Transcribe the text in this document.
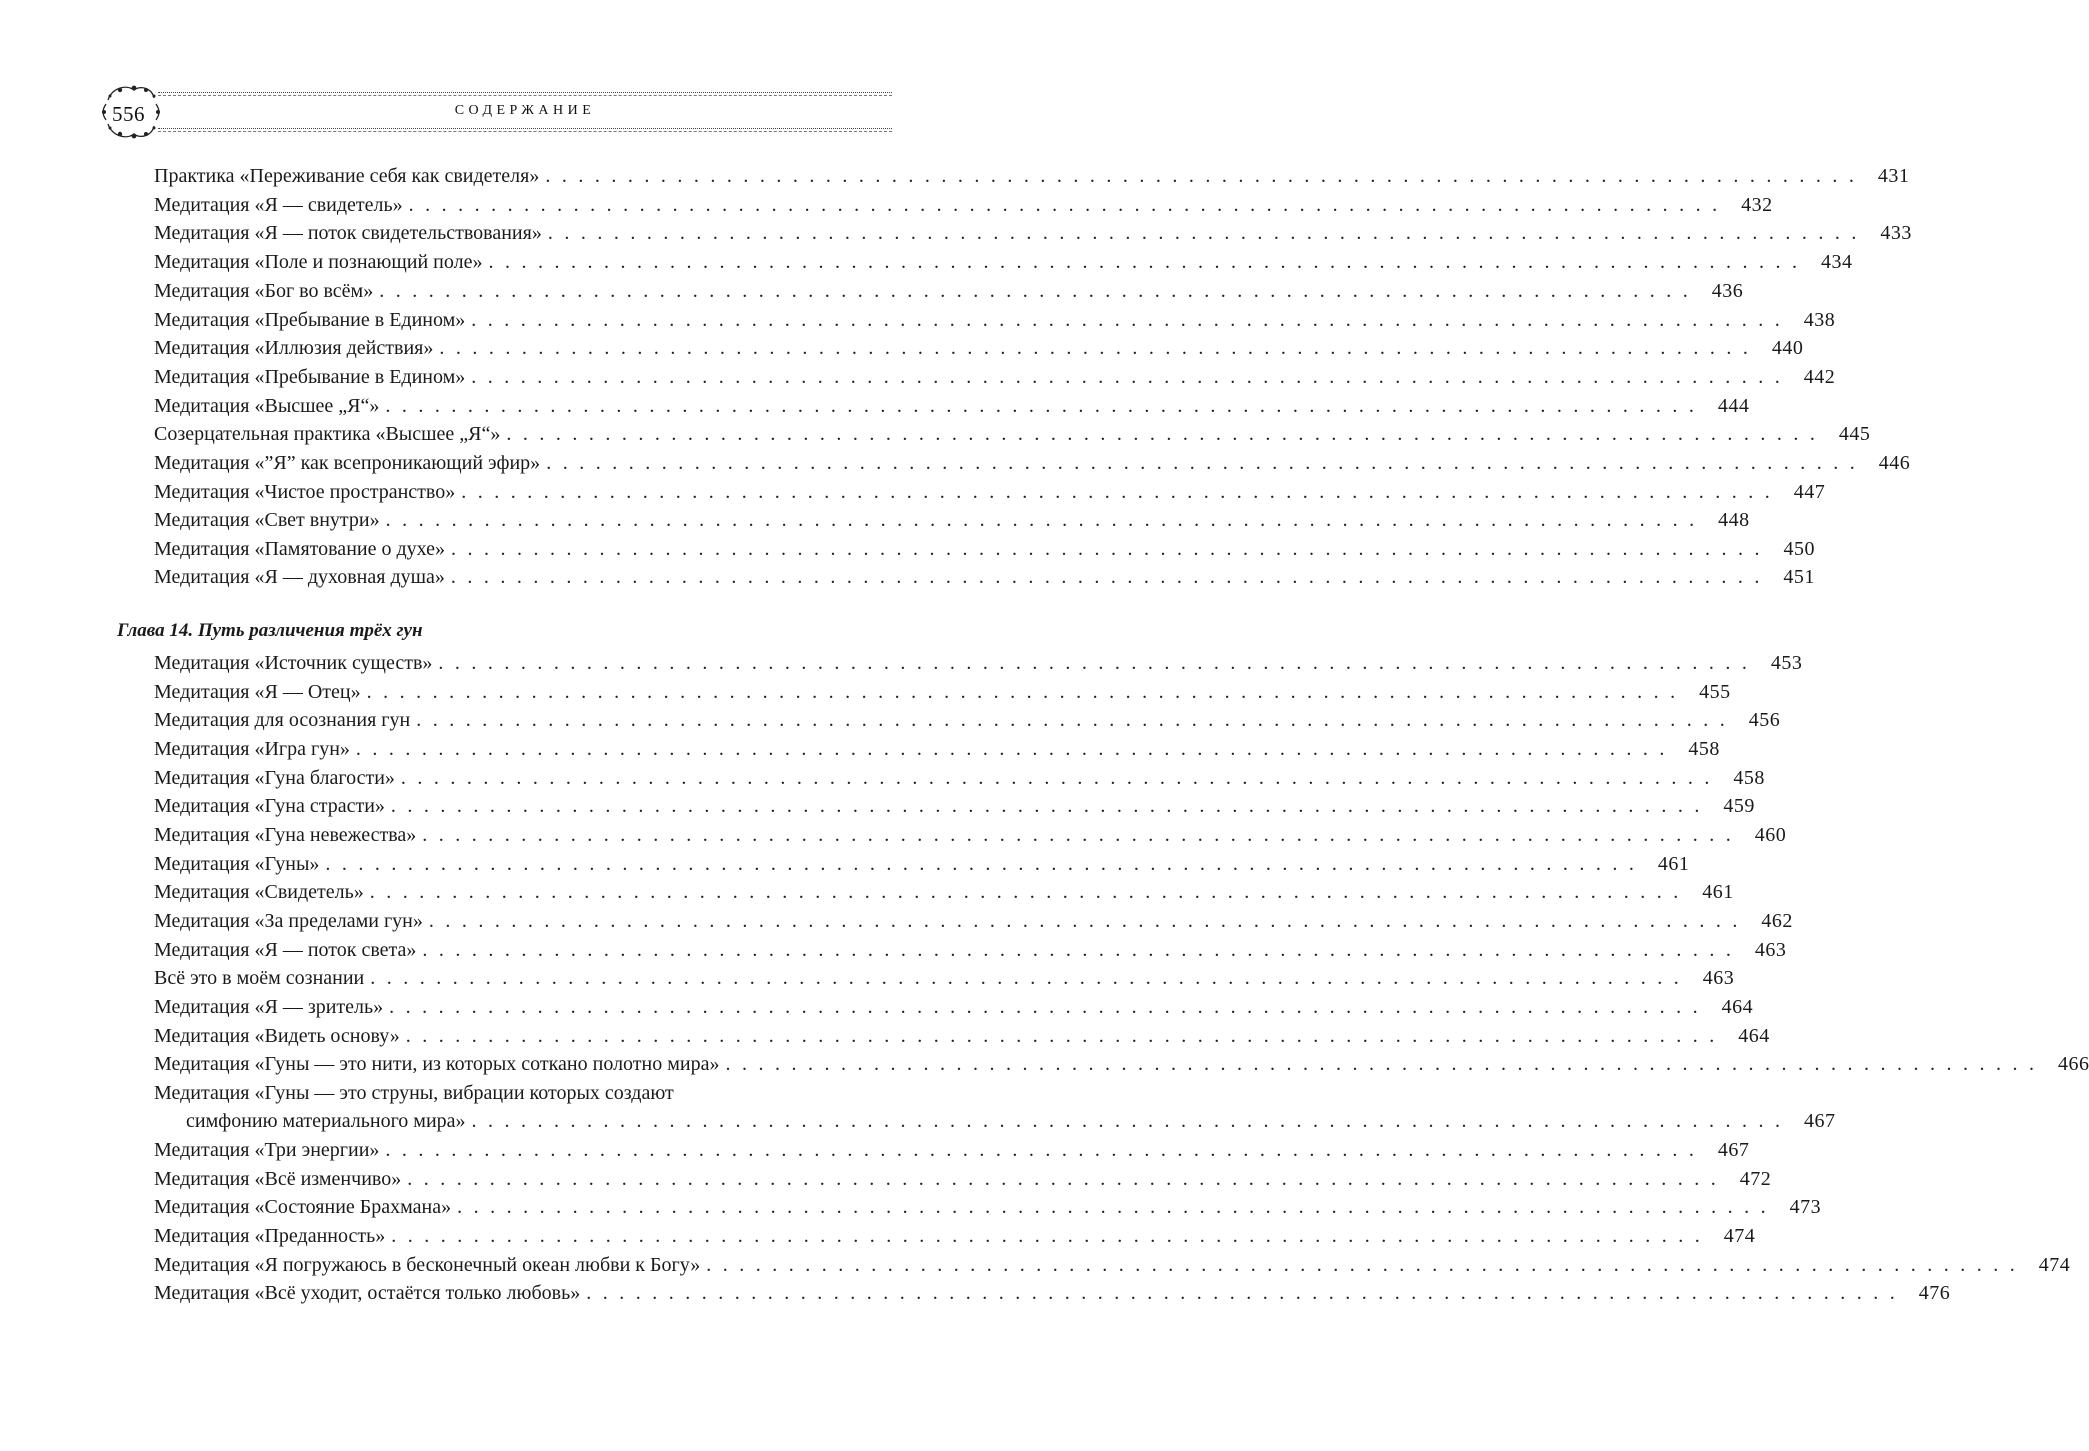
556	СОДЕРЖАНИЕ
Практика «Переживание себя как свидетеля» ................................................................................ 431
Медитация «Я — свидетель» ................................................................................ 432
Медитация «Я — поток свидетельствования» ................................................................................ 433
Медитация «Поле и познающий поле» ................................................................................ 434
Медитация «Бог во всём» ................................................................................ 436
Медитация «Пребывание в Едином» ................................................................................ 438
Медитация «Иллюзия действия» ................................................................................ 440
Медитация «Пребывание в Едином» ................................................................................ 442
Медитация «Высшее „Я“» ................................................................................ 444
Созерцательная практика «Высшее „Я“» ................................................................................ 445
Медитация «”Я” как всепроникающий эфир» ................................................................................ 446
Медитация «Чистое пространство» ................................................................................ 447
Медитация «Свет внутри» ................................................................................ 448
Медитация «Памятование о духе» ................................................................................ 450
Медитация «Я — духовная душа» ................................................................................ 451
Глава 14. Путь различения трёх гун
Медитация «Источник существ» ................................................................................ 453
Медитация «Я — Отец» ................................................................................ 455
Медитация для осознания гун ................................................................................ 456
Медитация «Игра гун» ................................................................................ 458
Медитация «Гуна благости» ................................................................................ 458
Медитация «Гуна страсти» ................................................................................ 459
Медитация «Гуна невежества» ................................................................................ 460
Медитация «Гуны» ................................................................................ 461
Медитация «Свидетель» ................................................................................ 461
Медитация «За пределами гун» ................................................................................ 462
Медитация «Я — поток света» ................................................................................ 463
Всё это в моём сознании ................................................................................ 463
Медитация «Я — зритель» ................................................................................ 464
Медитация «Видеть основу» ................................................................................ 464
Медитация «Гуны — это нити, из которых соткано полотно мира» ................................................................................ 466
Медитация «Гуны — это струны, вибрации которых создают
симфонию материального мира» ................................................................................ 467
Медитация «Три энергии» ................................................................................ 467
Медитация «Всё изменчиво» ................................................................................ 472
Медитация «Состояние Брахмана» ................................................................................ 473
Медитация «Преданность» ................................................................................ 474
Медитация «Я погружаюсь в бесконечный океан любви к Богу» ................................................................................ 474
Медитация «Всё уходит, остаётся только любовь» ................................................................................ 476
